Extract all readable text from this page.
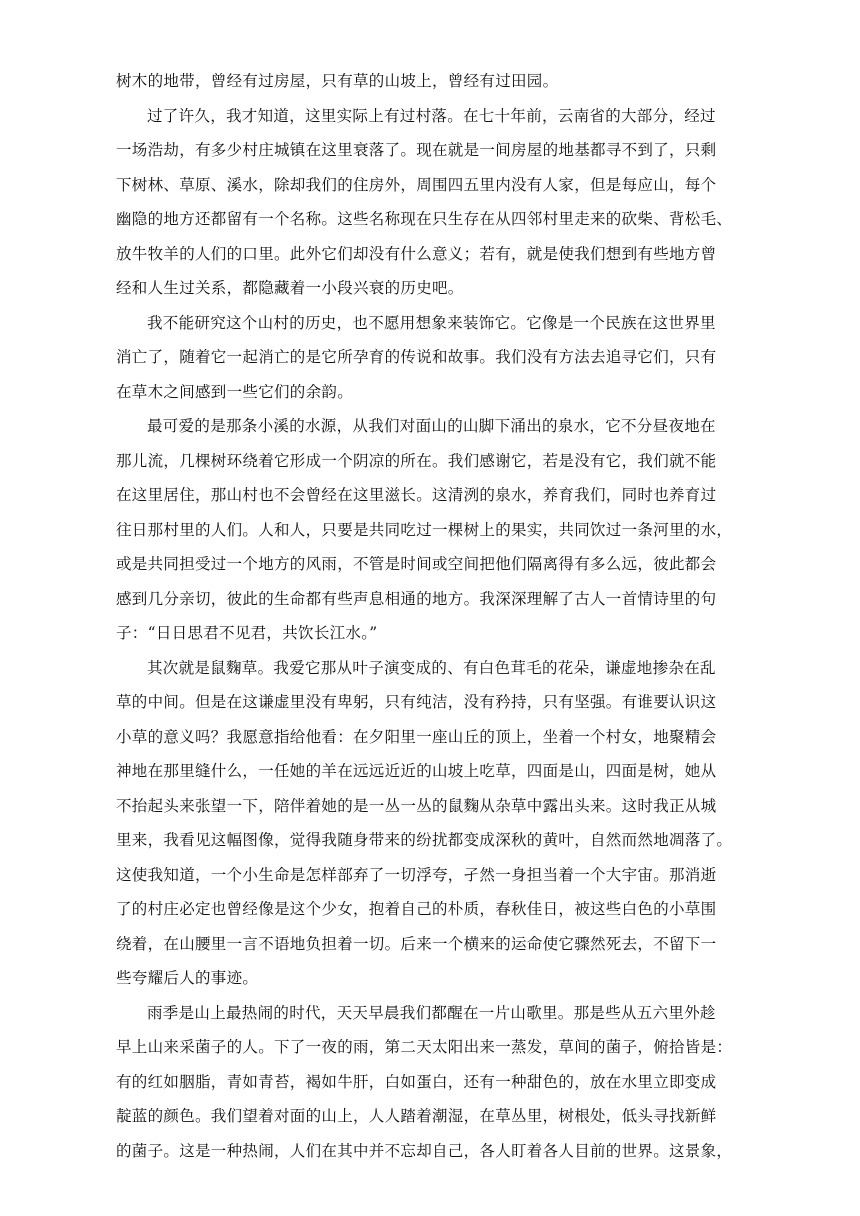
树木的地带，曾经有过房屋，只有草的山坡上，曾经有过田园。

过了许久，我才知道，这里实际上有过村落。在七十年前，云南省的大部分，经过
一场浩劫，有多少村庄城镇在这里衰落了。现在就是一间房屋的地基都寻不到了，只剩
下树林、草原、溪水，除却我们的住房外，周围四五里内没有人家，但是每应山，每个
幽隐的地方还都留有一个名称。这些名称现在只生存在从四邻村里走来的砍柴、背松毛、
放牛牧羊的人们的口里。此外它们却没有什么意义；若有，就是使我们想到有些地方曾
经和人生过关系，都隐藏着一小段兴衰的历史吧。

我不能研究这个山村的历史，也不愿用想象来装饰它。它像是一个民族在这世界里
消亡了，随着它一起消亡的是它所孕育的传说和故事。我们没有方法去追寻它们，只有
在草木之间感到一些它们的余韵。

最可爱的是那条小溪的水源，从我们对面山的山脚下涌出的泉水，它不分昼夜地在
那儿流，几棵树环绕着它形成一个阴凉的所在。我们感谢它，若是没有它，我们就不能
在这里居住，那山村也不会曾经在这里滋长。这清洌的泉水，养育我们，同时也养育过
往日那村里的人们。人和人，只要是共同吃过一棵树上的果实，共同饮过一条河里的水，
或是共同担受过一个地方的风雨，不管是时间或空间把他们隔离得有多么远，彼此都会
感到几分亲切，彼此的生命都有些声息相通的地方。我深深理解了古人一首情诗里的句
子：“日日思君不见君，共饮长江水。”

其次就是鼠麴草。我爱它那从叶子演变成的、有白色茸毛的花朵，谦虚地掺杂在乱
草的中间。但是在这谦虚里没有卑躬，只有纯洁，没有矜持，只有坚强。有谁要认识这
小草的意义吗？我愿意指给他看：在夕阳里一座山丘的顶上，坐着一个村女，地聚精会
神地在那里缝什么，一任她的羊在远远近近的山坡上吃草，四面是山，四面是树，她从
不抬起头来张望一下，陪伴着她的是一丛一丛的鼠麴从杂草中露出头来。这时我正从城
里来，我看见这幅图像，觉得我随身带来的纷扰都变成深秋的黄叶，自然而然地凋落了。
这使我知道，一个小生命是怎样部弃了一切浮夸，孑然一身担当着一个大宇宙。那消逝
了的村庄必定也曾经像是这个少女，抱着自己的朴质，春秋佳日，被这些白色的小草围
绕着，在山腰里一言不语地负担着一切。后来一个横来的运命使它骤然死去，不留下一
些夸耀后人的事迹。

雨季是山上最热闹的时代，天天早晨我们都醒在一片山歌里。那是些从五六里外趁
早上山来采菌子的人。下了一夜的雨，第二天太阳出来一蒸发，草间的菌子，俯拾皆是：
有的红如胭脂，青如青苔，褐如牛肝，白如蛋白，还有一种甜色的，放在水里立即变成
靛蓝的颜色。我们望着对面的山上，人人踏着潮湿，在草丛里，树根处，低头寻找新鲜
的菌子。这是一种热闹，人们在其中并不忘却自己，各人盯着各人目前的世界。这景象，
